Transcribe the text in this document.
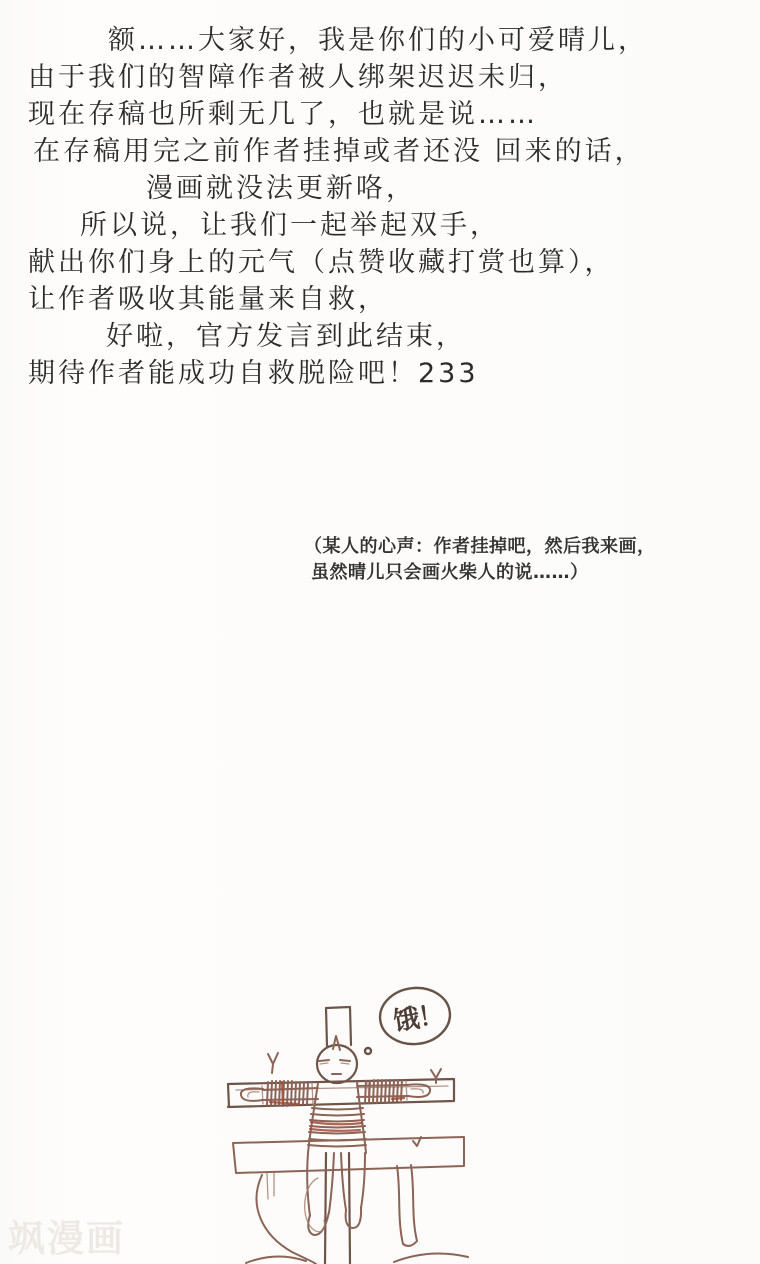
额……大家好，我是你们的小可爱晴儿，
由于我们的智障作者被人绑架迟迟未归，
现在存稿也所剩无几了，也就是说……
在存稿用完之前作者挂掉或者还没 回来的话，
漫画就没法更新咯，
所以说，让我们一起举起双手，
献出你们身上的元气（点赞收藏打赏也算），
让作者吸收其能量来自救，
好啦，官方发言到此结束，
期待作者能成功自救脱险吧！233
（某人的心声：作者挂掉吧，然后我来画，
虽然晴儿只会画火柴人的说……）
饿！
飒漫画
